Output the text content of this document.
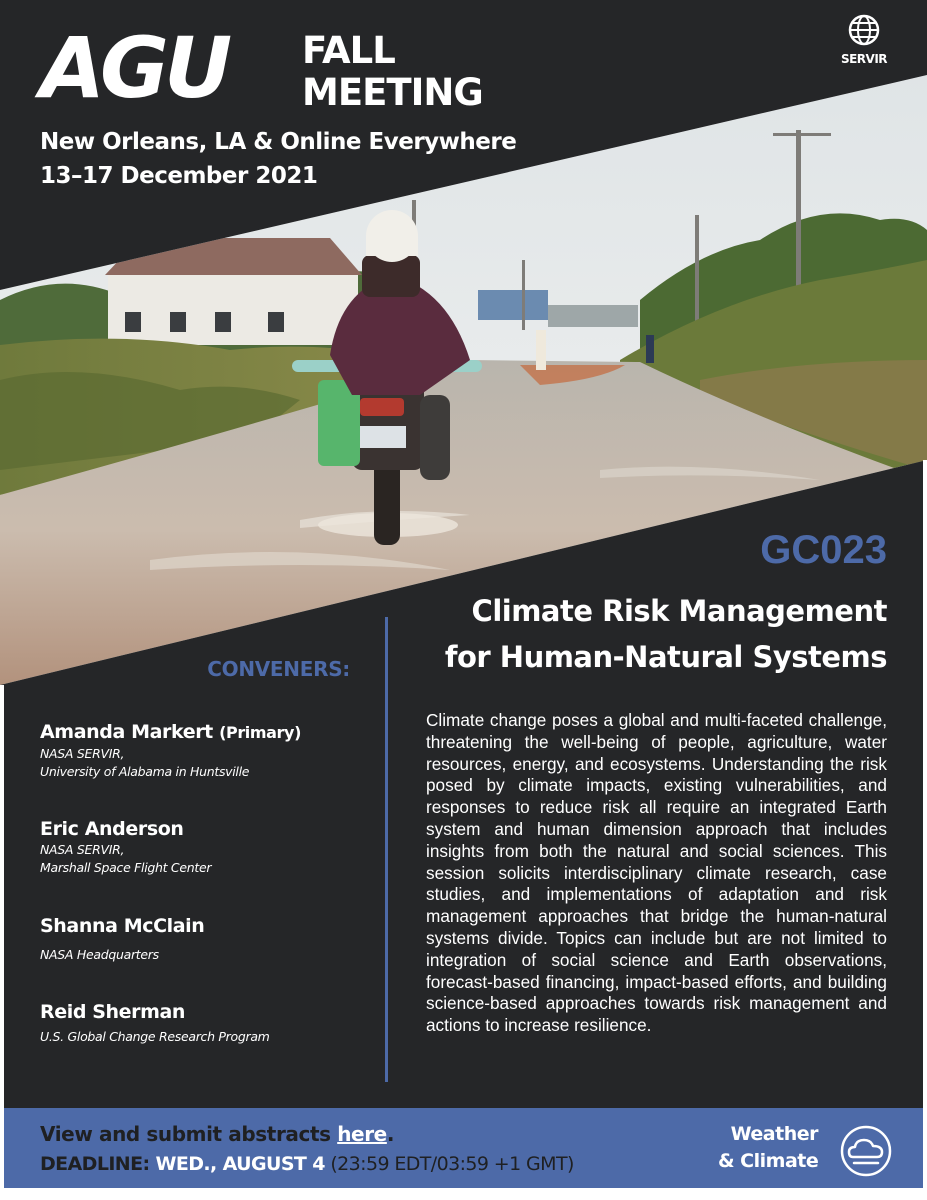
AGU FALL
MEETING
New Orleans, LA & Online Everywhere
13–17 December 2021
SERVIR
GC023
Climate Risk Management
for Human-Natural Systems
CONVENERS:
Amanda Markert (Primary)
NASA SERVIR,
University of Alabama in Huntsville
Eric Anderson
NASA SERVIR,
Marshall Space Flight Center
Shanna McClain
NASA Headquarters
Reid Sherman
U.S. Global Change Research Program
Climate change poses a global and multi-faceted challenge, threatening the well-being of people, agriculture, water resources, energy, and ecosystems. Understanding the risk posed by climate impacts, existing vulnerabilities, and responses to reduce risk all require an integrated Earth system and human dimension approach that includes insights from both the natural and social sciences. This session solicits interdisciplinary climate research, case studies, and implementations of adaptation and risk management approaches that bridge the human-natural systems divide. Topics can include but are not limited to integration of social science and Earth observations, forecast-based financing, impact-based efforts, and building science-based approaches towards risk management and actions to increase resilience.
View and submit abstracts here.
DEADLINE: WED., AUGUST 4 (23:59 EDT/03:59 +1 GMT)
Weather
& Climate
